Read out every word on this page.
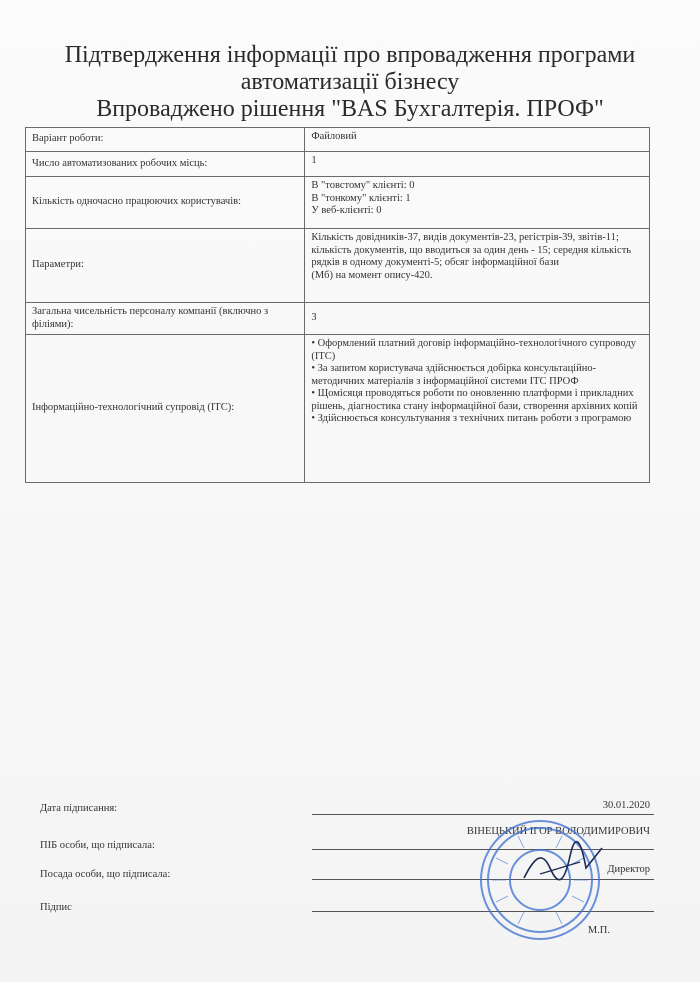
Підтвердження інформації про впровадження програми
автоматизації бізнесу
Впроваджено рішення "BAS Бухгалтерія. ПРОФ"
Варіант роботи:	Файловий

Число автоматизованих робочих місць:	1

Кількість одночасно працюючих користувачів:	В "товстому" клієнті: 0
В "тонкому" клієнті: 1
У веб-клієнті: 0

Параметри:	Кількість довідників-37, видів документів-23, регістрів-39, звітів-11; кількість документів, що вводиться за один день - 15; середня кількість рядків в одному документі-5; обсяг інформаційної бази
(Мб) на момент опису-420.

Загальна чисельність персоналу компанії (включно з філіями):	3

Інформаційно-технологічний супровід (ІТС):	• Оформлений платний договір інформаційно-технологічного супроводу (ІТС)
• За запитом користувача здійснюється добірка консультаційно-методичних матеріалів з інформаційної системи ІТС ПРОФ
• Щомісяця проводяться роботи по оновленню платформи і прикладних рішень, діагностика стану інформаційної бази, створення архівних копій
• Здійснюється консультування з технічних питань роботи з програмою
Дата підписання:	30.01.2020
ПІБ особи, що підписала:
ВІНЕЦЬКИЙ ІГОР ВОЛОДИМИРОВИЧ
Посада особи, що підписала:	Директор
Підпис
М.П.
